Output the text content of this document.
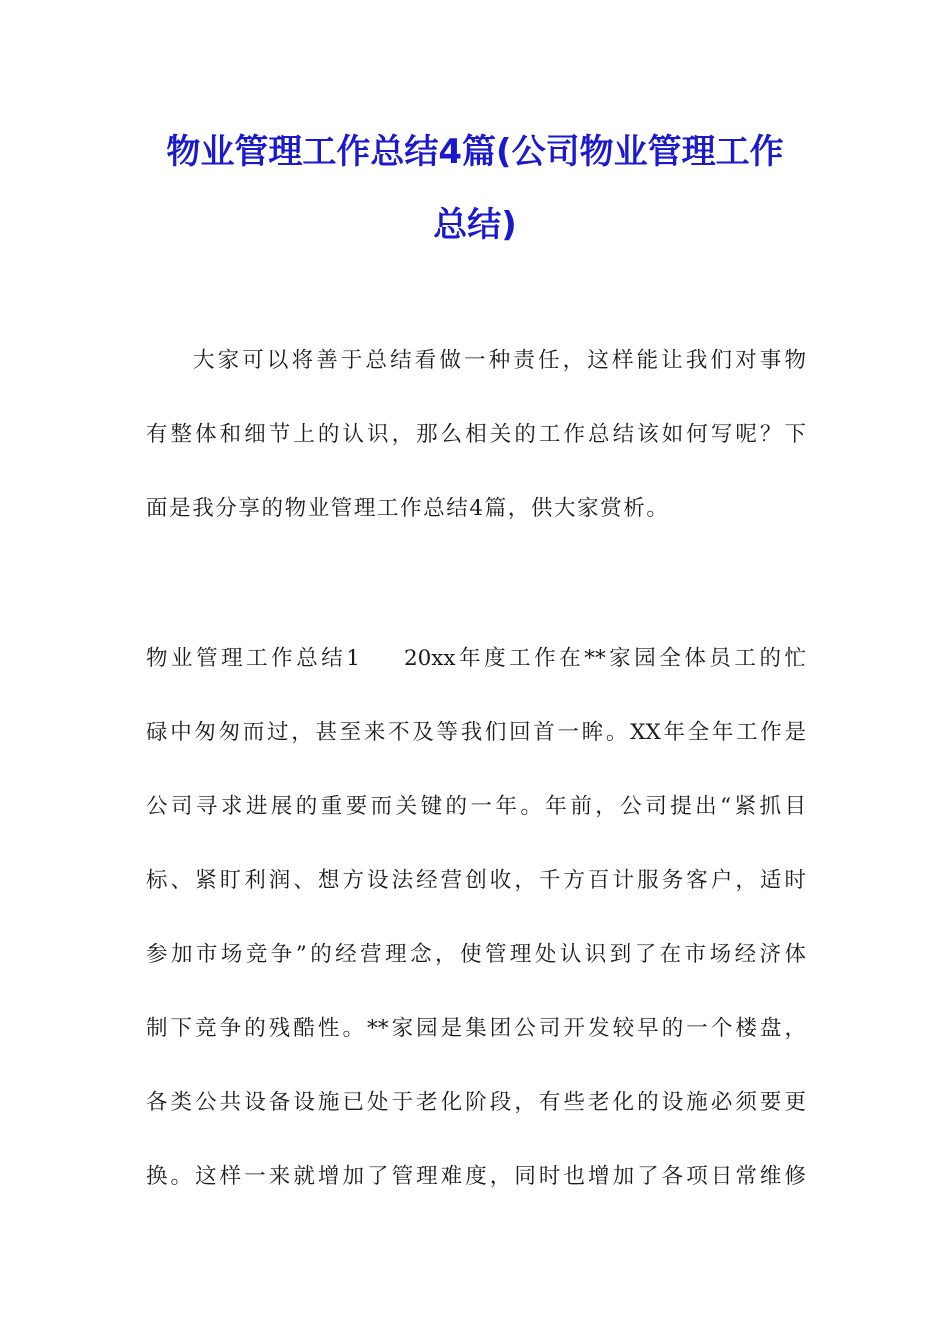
物业管理工作总结4篇(公司物业管理工作
总结)
大家可以将善于总结看做一种责任，这样能让我们对事物
有整体和细节上的认识，那么相关的工作总结该如何写呢？下
面是我分享的物业管理工作总结4篇，供大家赏析。
物业管理工作总结1 20xx年度工作在**家园全体员工的忙
碌中匆匆而过，甚至来不及等我们回首一眸。XX年全年工作是
公司寻求进展的重要而关键的一年。年前，公司提出“紧抓目
标、紧盯利润、想方设法经营创收，千方百计服务客户，适时
参加市场竞争”的经营理念，使管理处认识到了在市场经济体
制下竞争的残酷性。**家园是集团公司开发较早的一个楼盘，
各类公共设备设施已处于老化阶段，有些老化的设施必须要更
换。这样一来就增加了管理难度，同时也增加了各项日常维修
